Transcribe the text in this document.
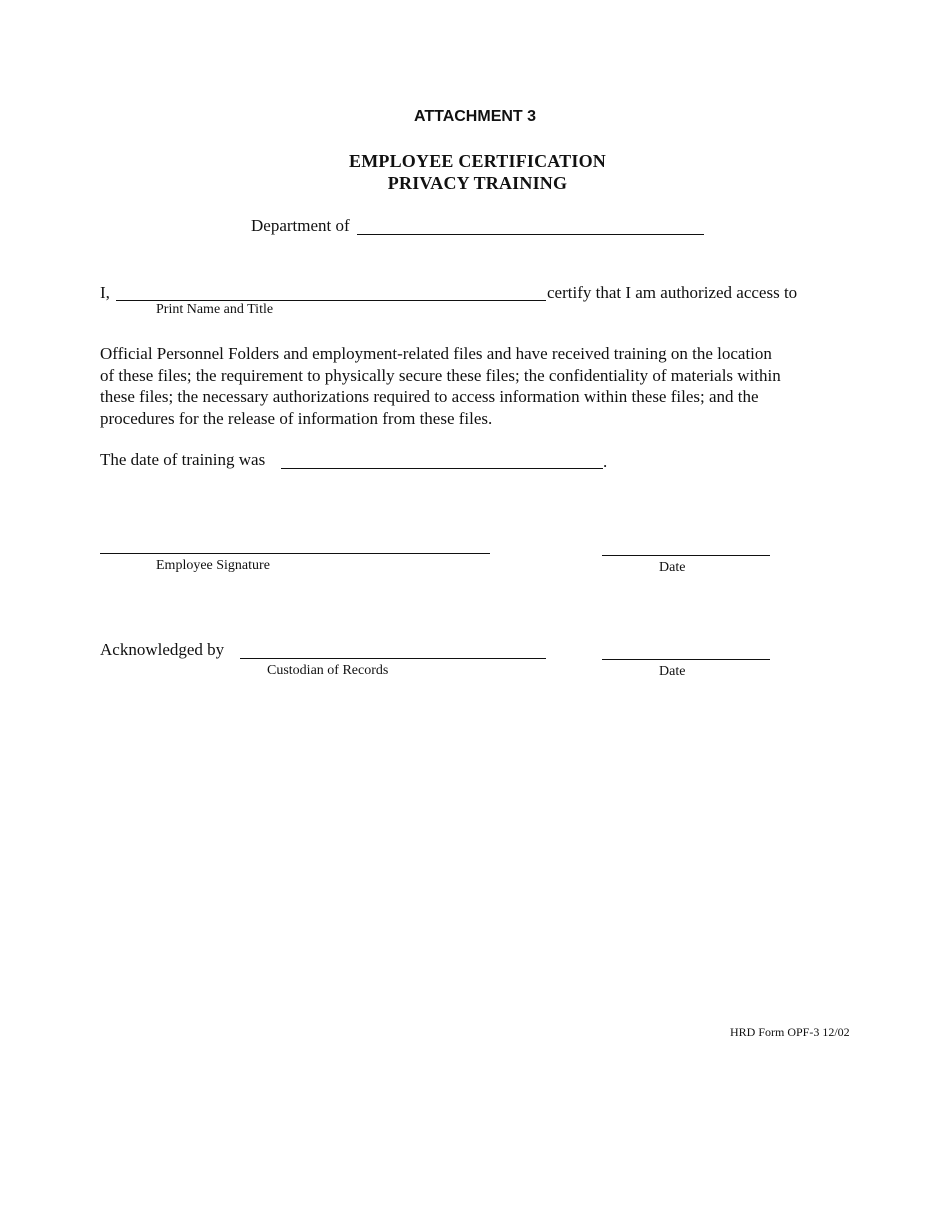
ATTACHMENT 3
EMPLOYEE CERTIFICATION
PRIVACY TRAINING
Department of
I,	certify that I am authorized access to
Print Name and Title
Official Personnel Folders and employment-related files and have received training on the location
of these files; the requirement to physically secure these files; the confidentiality of materials within
these files; the necessary authorizations required to access information within these files; and the
procedures for the release of information from these files.
The date of training was	.
Employee Signature	Date
Acknowledged by
Custodian of Records	Date
HRD Form OPF-3 12/02
